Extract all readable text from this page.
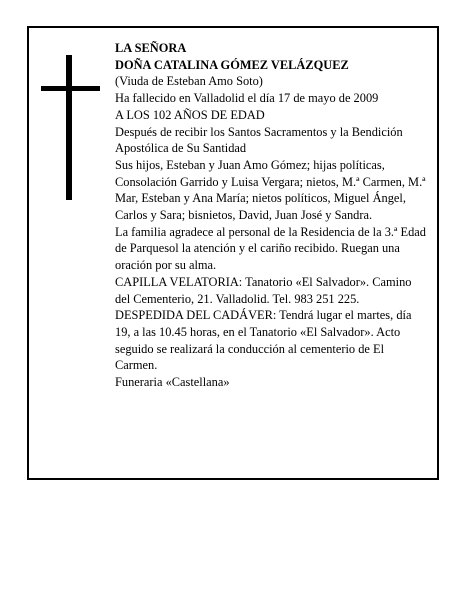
LA SEÑORA

DOÑA CATALINA GÓMEZ VELÁZQUEZ

(Viuda de Esteban Amo Soto)

Ha fallecido en Valladolid el día 17 de mayo de 2009

A LOS 102 AÑOS DE EDAD

Después de recibir los Santos Sacramentos y la Bendición Apostólica de Su Santidad

Sus hijos, Esteban y Juan Amo Gómez; hijas políticas, Consolación Garrido y Luisa Vergara; nietos, M.ª Carmen, M.ª Mar, Esteban y Ana María; nietos políticos, Miguel Ángel, Carlos y Sara; bisnietos, David, Juan José y Sandra.

La familia agradece al personal de la Residencia de la 3.ª Edad de Parquesol la atención y el cariño recibido. Ruegan una oración por su alma.

CAPILLA VELATORIA: Tanatorio «El Salvador». Camino del Cementerio, 21. Valladolid. Tel. 983 251 225.

DESPEDIDA DEL CADÁVER: Tendrá lugar el martes, día 19, a las 10.45 horas, en el Tanatorio «El Salvador». Acto seguido se realizará la conducción al cementerio de El Carmen.

Funeraria «Castellana»
